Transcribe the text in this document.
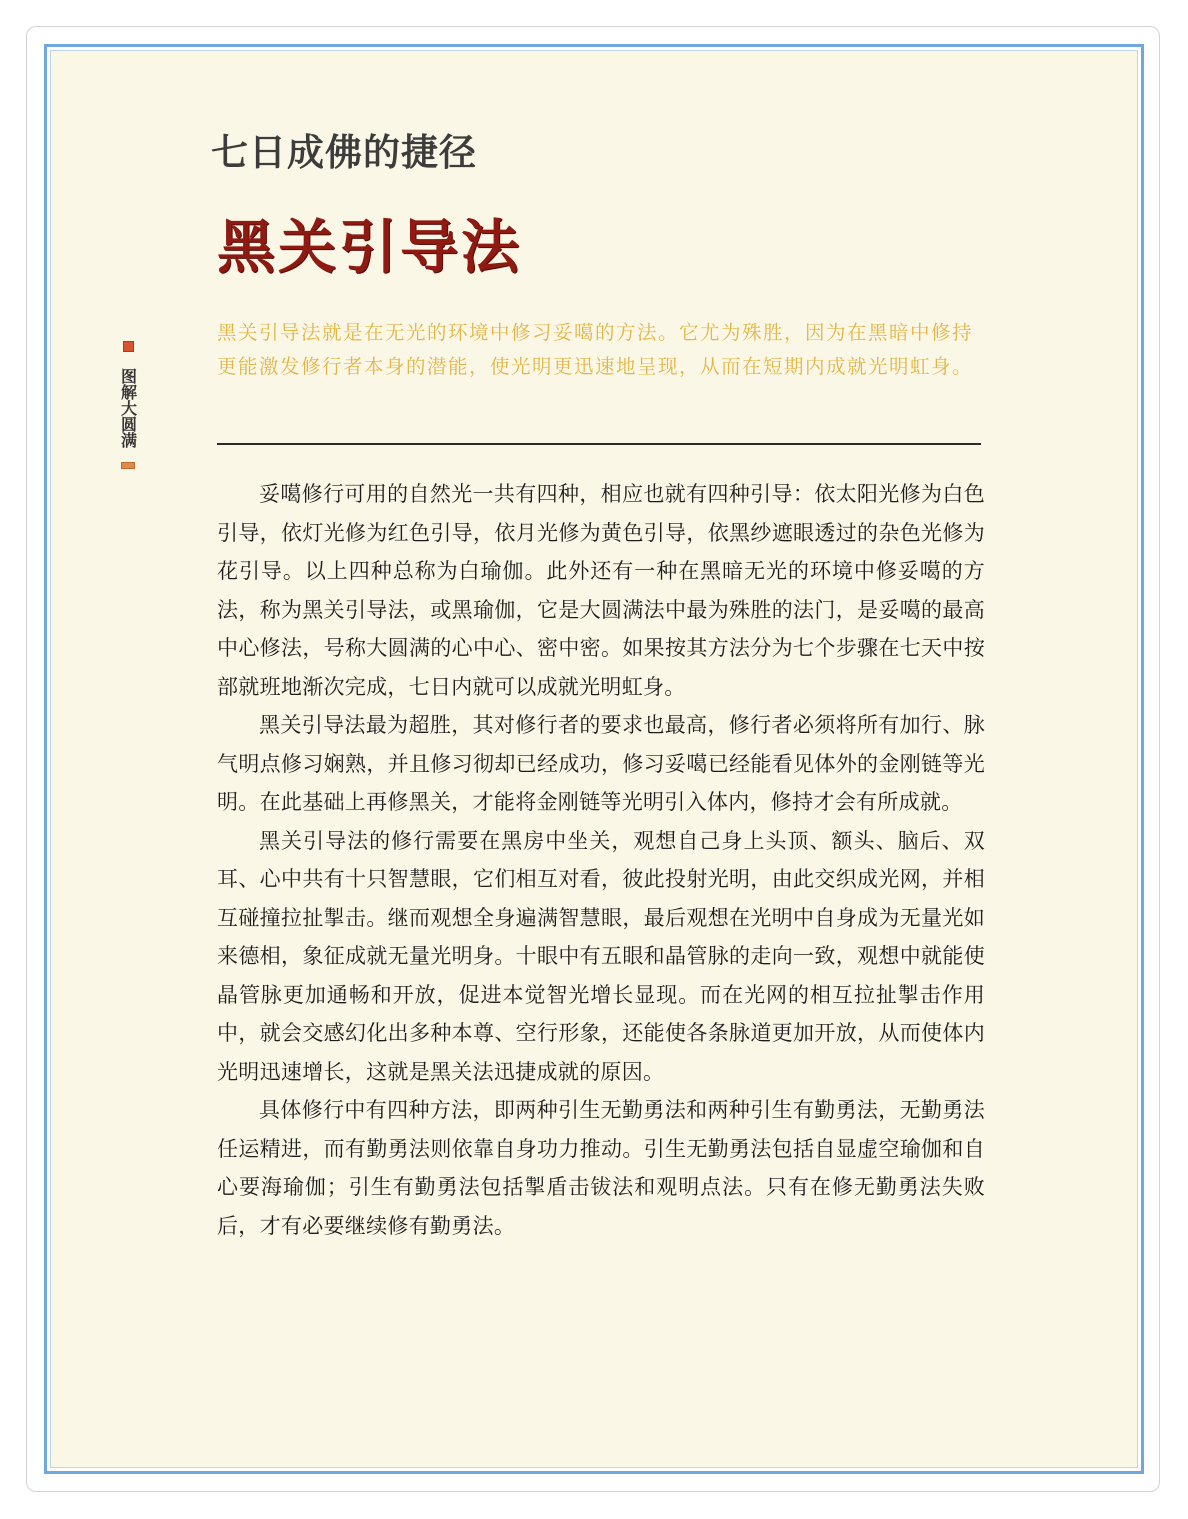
七日成佛的捷径
黑关引导法
图解大圆满

黑关引导法就是在无光的环境中修习妥噶的方法。它尤为殊胜，因为在黑暗中修持更能激发修行者本身的潜能，使光明更迅速地呈现，从而在短期内成就光明虹身。

妥噶修行可用的自然光一共有四种，相应也就有四种引导：依太阳光修为白色引导，依灯光修为红色引导，依月光修为黄色引导，依黑纱遮眼透过的杂色光修为花引导。以上四种总称为白瑜伽。此外还有一种在黑暗无光的环境中修妥噶的方法，称为黑关引导法，或黑瑜伽，它是大圆满法中最为殊胜的法门，是妥噶的最高中心修法，号称大圆满的心中心、密中密。如果按其方法分为七个步骤在七天中按部就班地渐次完成，七日内就可以成就光明虹身。

黑关引导法最为超胜，其对修行者的要求也最高，修行者必须将所有加行、脉气明点修习娴熟，并且修习彻却已经成功，修习妥噶已经能看见体外的金刚链等光明。在此基础上再修黑关，才能将金刚链等光明引入体内，修持才会有所成就。

黑关引导法的修行需要在黑房中坐关，观想自己身上头顶、额头、脑后、双耳、心中共有十只智慧眼，它们相互对看，彼此投射光明，由此交织成光网，并相互碰撞拉扯掣击。继而观想全身遍满智慧眼，最后观想在光明中自身成为无量光如来德相，象征成就无量光明身。十眼中有五眼和晶管脉的走向一致，观想中就能使晶管脉更加通畅和开放，促进本觉智光增长显现。而在光网的相互拉扯掣击作用中，就会交感幻化出多种本尊、空行形象，还能使各条脉道更加开放，从而使体内光明迅速增长，这就是黑关法迅捷成就的原因。

具体修行中有四种方法，即两种引生无勤勇法和两种引生有勤勇法，无勤勇法任运精进，而有勤勇法则依靠自身功力推动。引生无勤勇法包括自显虚空瑜伽和自心要海瑜伽；引生有勤勇法包括掣盾击钹法和观明点法。只有在修无勤勇法失败后，才有必要继续修有勤勇法。
